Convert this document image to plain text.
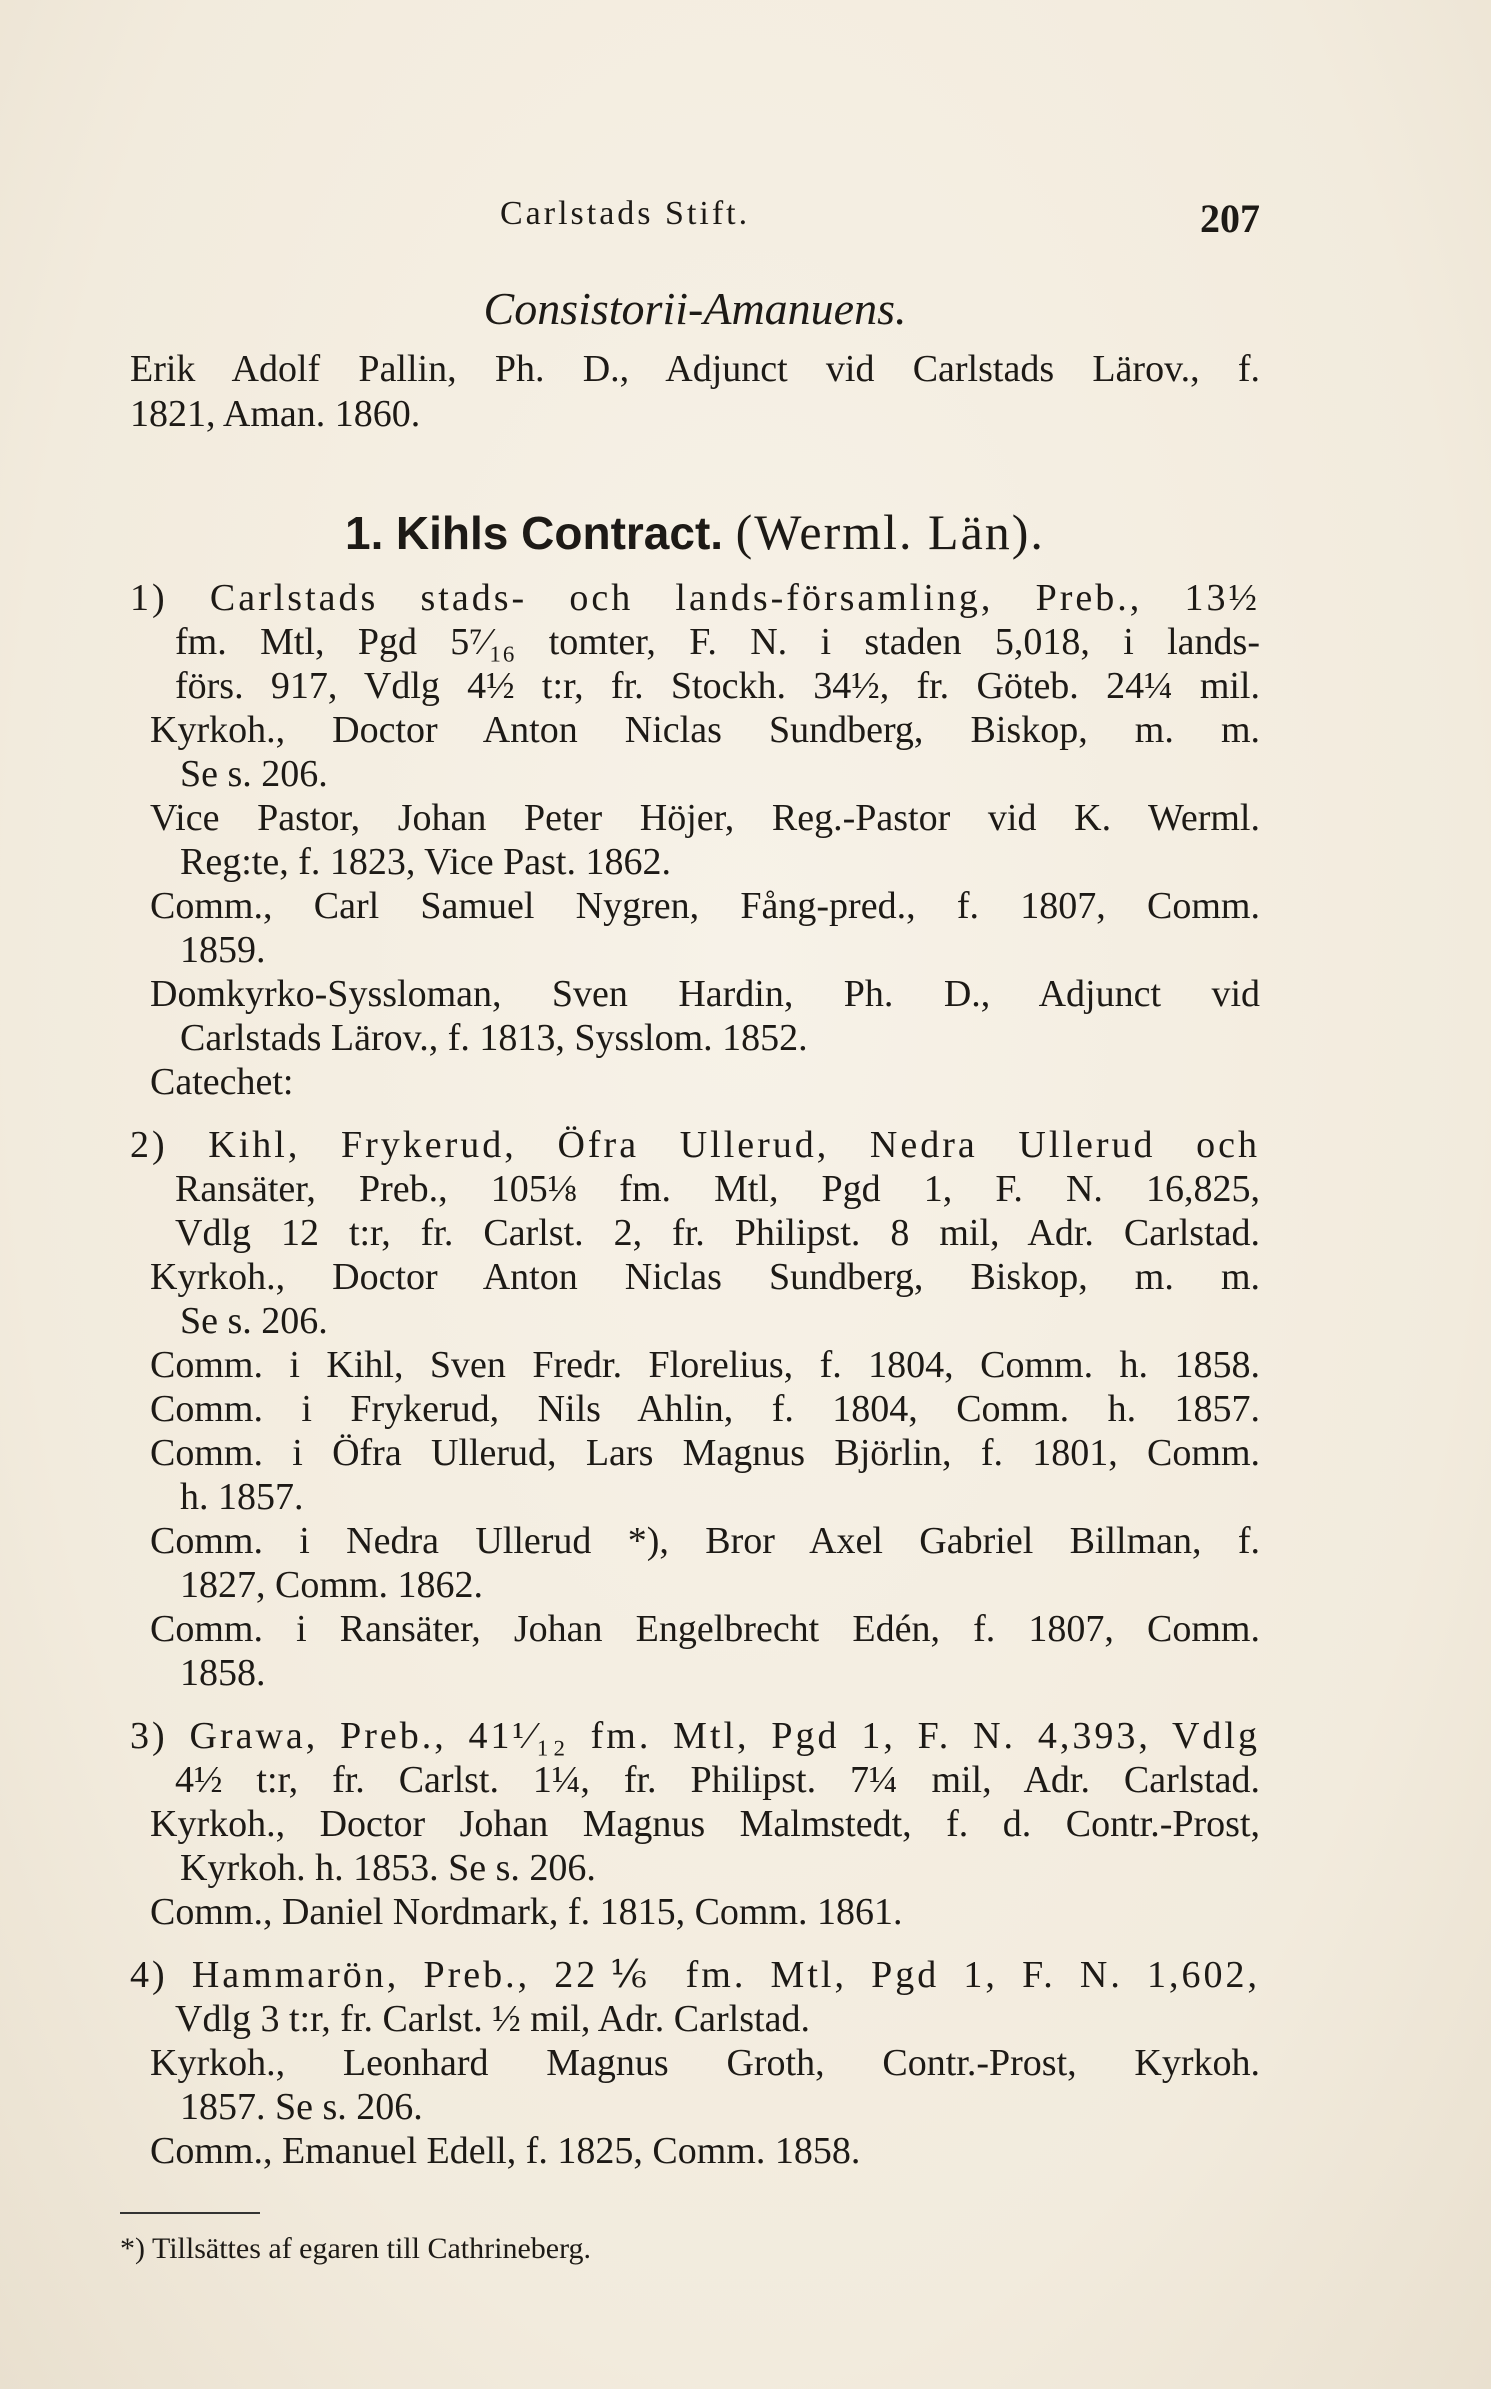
Carlstads Stift.	207
Consistorii-Amanuens.
Erik Adolf Pallin, Ph. D., Adjunct vid Carlstads Lärov., f.
1821, Aman. 1860.
1. Kihls Contract. (Werml. Län).
1) Carlstads stads- och lands-församling, Preb., 13½
fm. Mtl, Pgd 5⁷⁄₁₆ tomter, F. N. i staden 5,018, i lands-
förs. 917, Vdlg 4½ t:r, fr. Stockh. 34½, fr. Göteb. 24¼ mil.
Kyrkoh., Doctor Anton Niclas Sundberg, Biskop, m. m.
Se s. 206.
Vice Pastor, Johan Peter Höjer, Reg.-Pastor vid K. Werml.
Reg:te, f. 1823, Vice Past. 1862.
Comm., Carl Samuel Nygren, Fång-pred., f. 1807, Comm.
1859.
Domkyrko-Syssloman, Sven Hardin, Ph. D., Adjunct vid
Carlstads Lärov., f. 1813, Sysslom. 1852.
Catechet:
2) Kihl, Frykerud, Öfra Ullerud, Nedra Ullerud och
Ransäter, Preb., 105⅛ fm. Mtl, Pgd 1, F. N. 16,825,
Vdlg 12 t:r, fr. Carlst. 2, fr. Philipst. 8 mil, Adr. Carlstad.
Kyrkoh., Doctor Anton Niclas Sundberg, Biskop, m. m.
Se s. 206.
Comm. i Kihl, Sven Fredr. Florelius, f. 1804, Comm. h. 1858.
Comm. i Frykerud, Nils Ahlin, f. 1804, Comm. h. 1857.
Comm. i Öfra Ullerud, Lars Magnus Björlin, f. 1801, Comm.
h. 1857.
Comm. i Nedra Ullerud *), Bror Axel Gabriel Billman, f.
1827, Comm. 1862.
Comm. i Ransäter, Johan Engelbrecht Edén, f. 1807, Comm.
1858.
3) Grawa, Preb., 41¹⁄₁₂ fm. Mtl, Pgd 1, F. N. 4,393, Vdlg
4½ t:r, fr. Carlst. 1¼, fr. Philipst. 7¼ mil, Adr. Carlstad.
Kyrkoh., Doctor Johan Magnus Malmstedt, f. d. Contr.-Prost,
Kyrkoh. h. 1853. Se s. 206.
Comm., Daniel Nordmark, f. 1815, Comm. 1861.
4) Hammarön, Preb., 22⅙ fm. Mtl, Pgd 1, F. N. 1,602,
Vdlg 3 t:r, fr. Carlst. ½ mil, Adr. Carlstad.
Kyrkoh., Leonhard Magnus Groth, Contr.-Prost, Kyrkoh.
1857. Se s. 206.
Comm., Emanuel Edell, f. 1825, Comm. 1858.
*) Tillsättes af egaren till Cathrineberg.
